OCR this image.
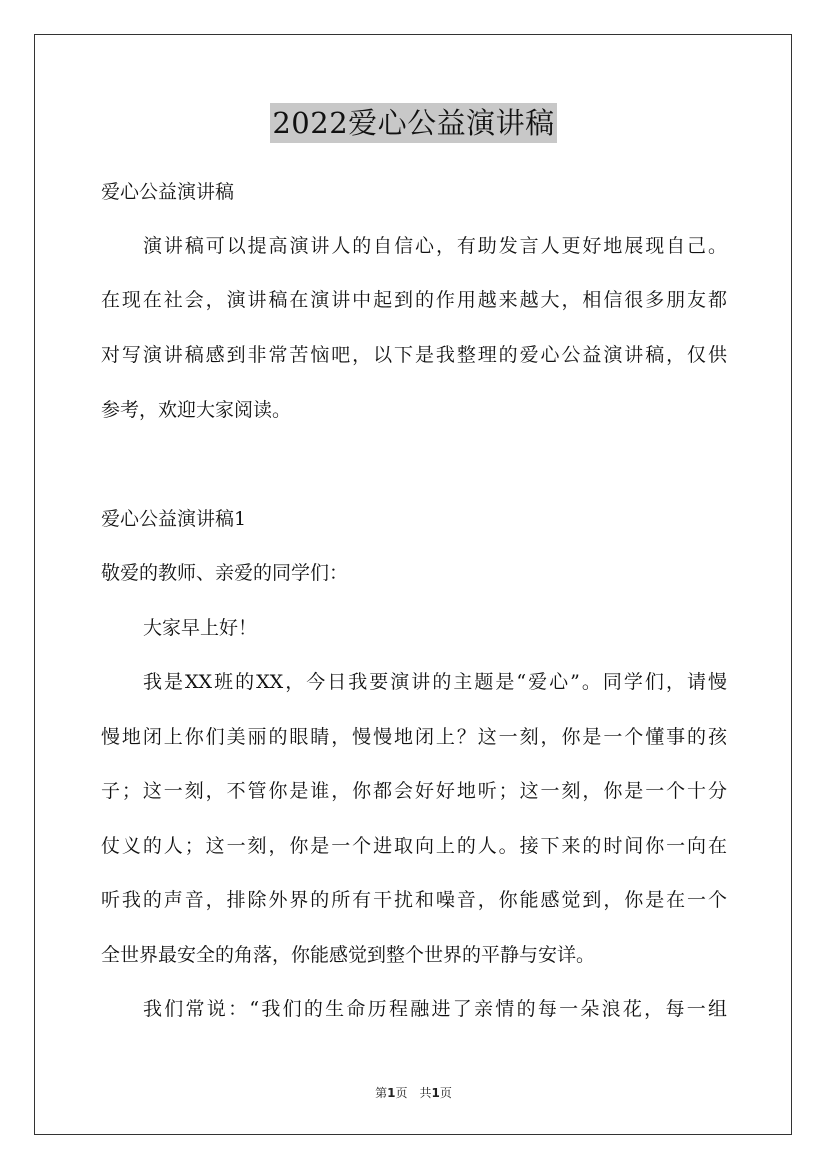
2022爱心公益演讲稿
爱心公益演讲稿
演讲稿可以提高演讲人的自信心，有助发言人更好地展现自己。
在现在社会，演讲稿在演讲中起到的作用越来越大，相信很多朋友都
对写演讲稿感到非常苦恼吧，以下是我整理的爱心公益演讲稿，仅供
参考，欢迎大家阅读。
爱心公益演讲稿1
敬爱的教师、亲爱的同学们：
大家早上好！
我是XX班的XX，今日我要演讲的主题是“爱心”。同学们，请慢
慢地闭上你们美丽的眼睛，慢慢地闭上？这一刻，你是一个懂事的孩
子；这一刻，不管你是谁，你都会好好地听；这一刻，你是一个十分
仗义的人；这一刻，你是一个进取向上的人。接下来的时间你一向在
听我的声音，排除外界的所有干扰和噪音，你能感觉到，你是在一个
全世界最安全的角落，你能感觉到整个世界的平静与安详。
我们常说：“我们的生命历程融进了亲情的每一朵浪花，每一组
第1页 共1页
